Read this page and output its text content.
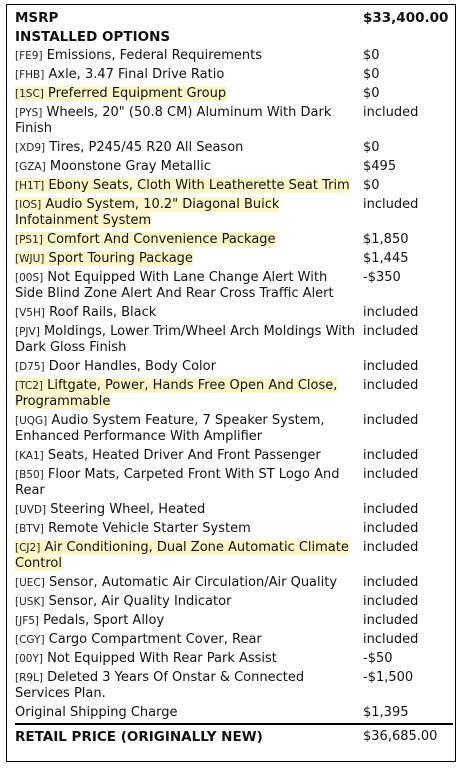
MSRP	$33,400.00
INSTALLED OPTIONS	
[FE9] Emissions, Federal Requirements	$0
[FHB] Axle, 3.47 Final Drive Ratio	$0
[1SC] Preferred Equipment Group	$0
[PYS] Wheels, 20" (50.8 CM) Aluminum With Dark Finish	included
[XD9] Tires, P245/45 R20 All Season	$0
[GZA] Moonstone Gray Metallic	$495
[H1T] Ebony Seats, Cloth With Leatherette Seat Trim	$0
[IOS] Audio System, 10.2" Diagonal Buick Infotainment System	included
[PS1] Comfort And Convenience Package	$1,850
[WJU] Sport Touring Package	$1,445
[00S] Not Equipped With Lane Change Alert With Side Blind Zone Alert And Rear Cross Traffic Alert	-$350
[V5H] Roof Rails, Black	included
[PJV] Moldings, Lower Trim/Wheel Arch Moldings With Dark Gloss Finish	included
[D75] Door Handles, Body Color	included
[TC2] Liftgate, Power, Hands Free Open And Close, Programmable	included
[UQG] Audio System Feature, 7 Speaker System, Enhanced Performance With Amplifier	included
[KA1] Seats, Heated Driver And Front Passenger	included
[B50] Floor Mats, Carpeted Front With ST Logo And Rear	included
[UVD] Steering Wheel, Heated	included
[BTV] Remote Vehicle Starter System	included
[CJ2] Air Conditioning, Dual Zone Automatic Climate Control	included
[UEC] Sensor, Automatic Air Circulation/Air Quality	included
[USK] Sensor, Air Quality Indicator	included
[JF5] Pedals, Sport Alloy	included
[CGY] Cargo Compartment Cover, Rear	included
[00Y] Not Equipped With Rear Park Assist	-$50
[R9L] Deleted 3 Years Of Onstar & Connected Services Plan.	-$1,500
Original Shipping Charge	$1,395
RETAIL PRICE (ORIGINALLY NEW)	$36,685.00
